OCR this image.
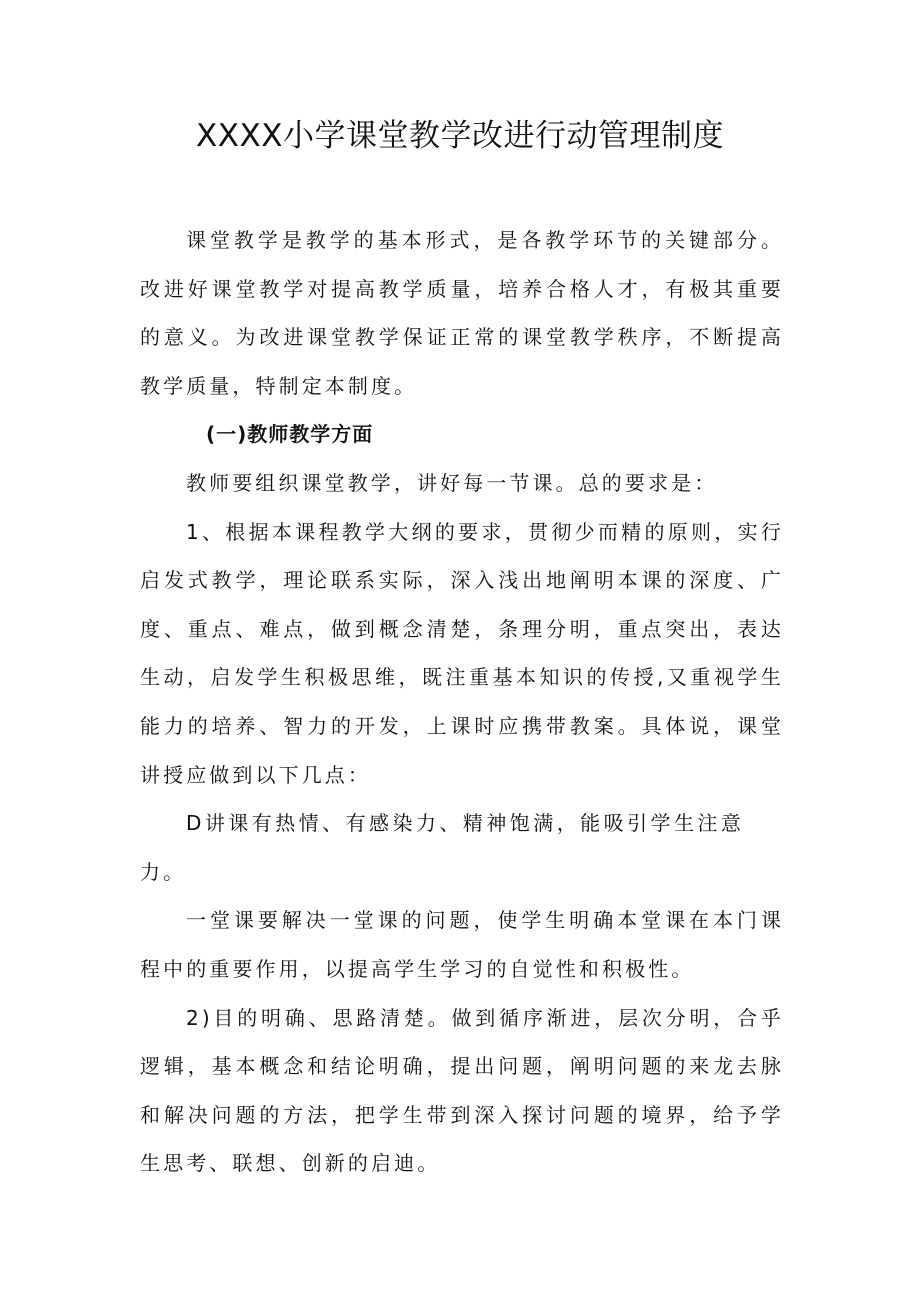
XXXX小学课堂教学改进行动管理制度

课堂教学是教学的基本形式，是各教学环节的关键部分。改进好课堂教学对提高教学质量，培养合格人才，有极其重要的意义。为改进课堂教学保证正常的课堂教学秩序，不断提高教学质量，特制定本制度。

(一)教师教学方面

教师要组织课堂教学，讲好每一节课。总的要求是：

1、根据本课程教学大纲的要求，贯彻少而精的原则，实行启发式教学，理论联系实际，深入浅出地阐明本课的深度、广度、重点、难点，做到概念清楚，条理分明，重点突出，表达生动，启发学生积极思维，既注重基本知识的传授,又重视学生能力的培养、智力的开发，上课时应携带教案。具体说，课堂讲授应做到以下几点：

D讲课有热情、有感染力、精神饱满，能吸引学生注意力。

一堂课要解决一堂课的问题，使学生明确本堂课在本门课程中的重要作用，以提高学生学习的自觉性和积极性。

2)目的明确、思路清楚。做到循序渐进，层次分明，合乎逻辑，基本概念和结论明确，提出问题，阐明问题的来龙去脉和解决问题的方法，把学生带到深入探讨问题的境界，给予学生思考、联想、创新的启迪。
